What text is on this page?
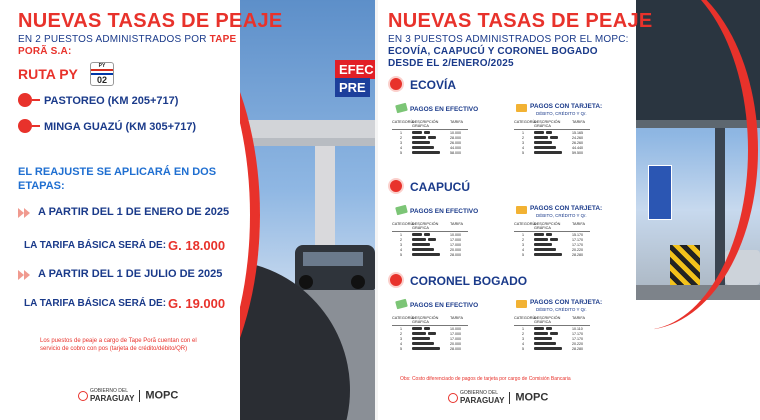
EFEC
PRE
NUEVAS TASAS DE PEAJE
EN 2 PUESTOS ADMINISTRADOS POR TAPE
PORÃ S.A:
RUTA PY	PY
02
PASTOREO (KM 205+717)
MINGA GUAZÚ (KM 305+717)
EL REAJUSTE SE APLICARÁ EN DOS
ETAPAS:
A PARTIR DEL 1 DE ENERO DE 2025
LA TARIFA BÁSICA SERÁ DE: G. 18.000
A PARTIR DEL 1 DE JULIO DE 2025
LA TARIFA BÁSICA SERÁ DE: G. 19.000
Los puestos de peaje a cargo de Tape Porã cuentan con el
servicio de cobro con pos (tarjeta de crédito/débito/QR)

GOBIERNO DEL
PARAGUAY MOPC
NUEVAS TASAS DE PEAJE
EN 3 PUESTOS ADMINISTRADOS POR EL MOPC:
ECOVÍA, CAAPUCÚ Y CORONEL BOGADO
DESDE EL 2/ENERO/2025
ECOVÍA
PAGOS EN EFECTIVO	PAGOS CON TARJETA:
DÉBITO, CRÉDITO Y Qr.
CATEGORÍA
DESCRIPCIÓN GRÁFICA
TARIFA
1	10.000
2	28.000
3	26.000
4	44.000
5	58.000
CATEGORÍA
DESCRIPCIÓN GRÁFICA
TARIFA
1	15.165
2	24.260
3	26.260
4	44.440
5	59.500
CAAPUCÚ
PAGOS EN EFECTIVO	PAGOS CON TARJETA:
DÉBITO, CRÉDITO Y Qr.
CATEGORÍA
DESCRIPCIÓN GRÁFICA
TARIFA
1	10.000
2	17.000
3	17.000
4	20.000
5	28.000
CATEGORÍA
DESCRIPCIÓN GRÁFICA
TARIFA
1	15.170
2	17.170
3	17.170
4	20.220
5	28.280
CORONEL BOGADO
PAGOS EN EFECTIVO	PAGOS CON TARJETA:
DÉBITO, CRÉDITO Y Qr.
CATEGORÍA
DESCRIPCIÓN GRÁFICA
TARIFA
1	10.000
2	17.000
3	17.000
4	20.000
5	28.000
CATEGORÍA
DESCRIPCIÓN GRÁFICA
TARIFA
1	10.110
2	17.170
3	17.170
4	20.220
5	28.280
Obs: Costo diferenciado de pagos de tarjeta por cargo de Comisión Bancaria

GOBIERNO DEL
PARAGUAY MOPC
